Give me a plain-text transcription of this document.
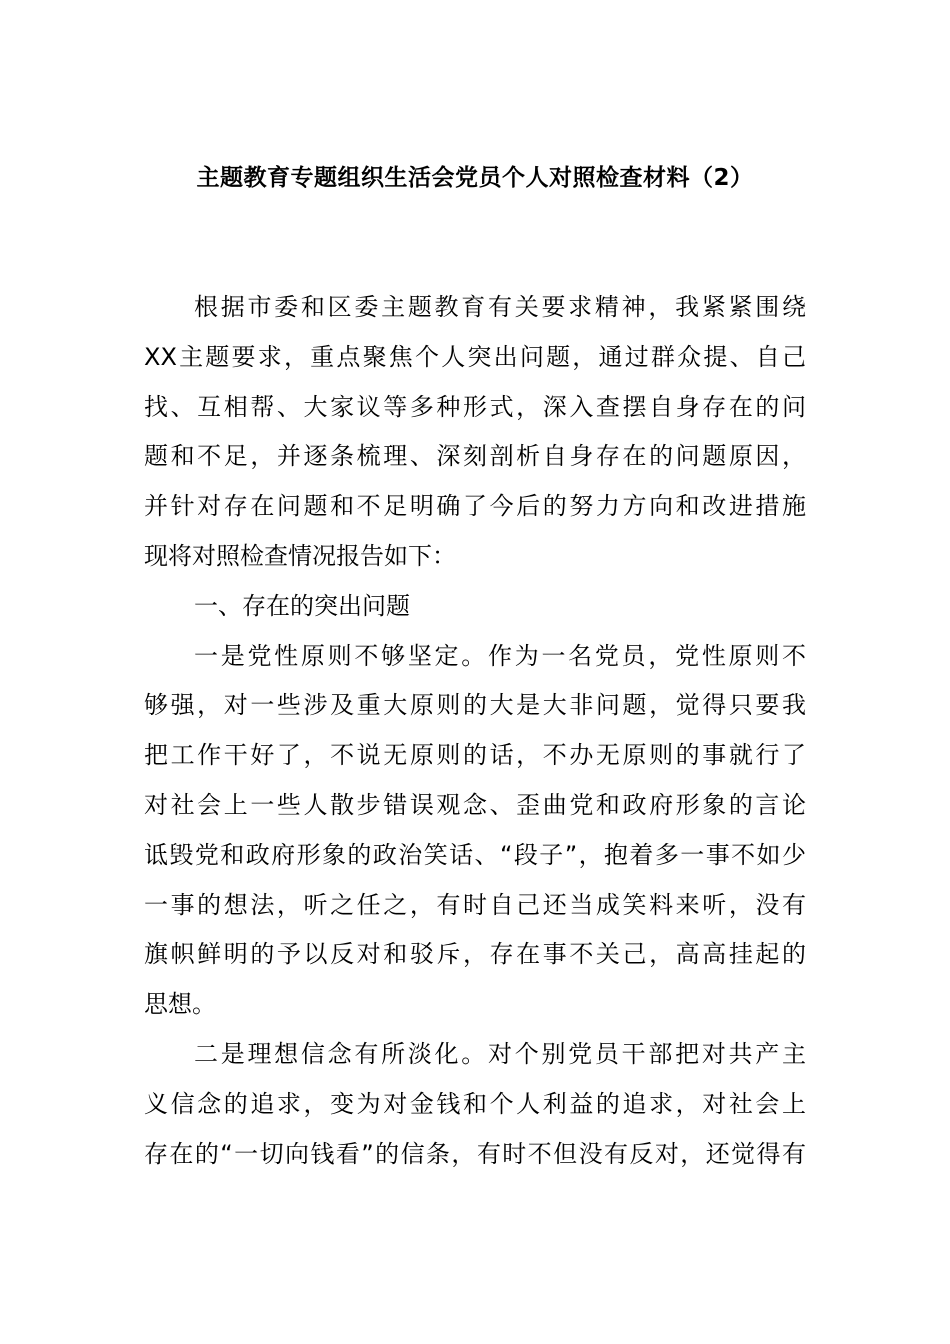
主题教育专题组织生活会党员个人对照检查材料（2）
根据市委和区委主题教育有关要求精神，我紧紧围绕
XX主题要求，重点聚焦个人突出问题，通过群众提、自己
找、互相帮、大家议等多种形式，深入查摆自身存在的问
题和不足，并逐条梳理、深刻剖析自身存在的问题原因，
并针对存在问题和不足明确了今后的努力方向和改进措施
现将对照检查情况报告如下：
一、存在的突出问题
一是党性原则不够坚定。作为一名党员，党性原则不
够强，对一些涉及重大原则的大是大非问题，觉得只要我
把工作干好了，不说无原则的话，不办无原则的事就行了
对社会上一些人散步错误观念、歪曲党和政府形象的言论
诋毁党和政府形象的政治笑话、“段子”，抱着多一事不如少
一事的想法，听之任之，有时自己还当成笑料来听，没有
旗帜鲜明的予以反对和驳斥，存在事不关己，高高挂起的
思想。
二是理想信念有所淡化。对个别党员干部把对共产主
义信念的追求，变为对金钱和个人利益的追求，对社会上
存在的“一切向钱看”的信条，有时不但没有反对，还觉得有
